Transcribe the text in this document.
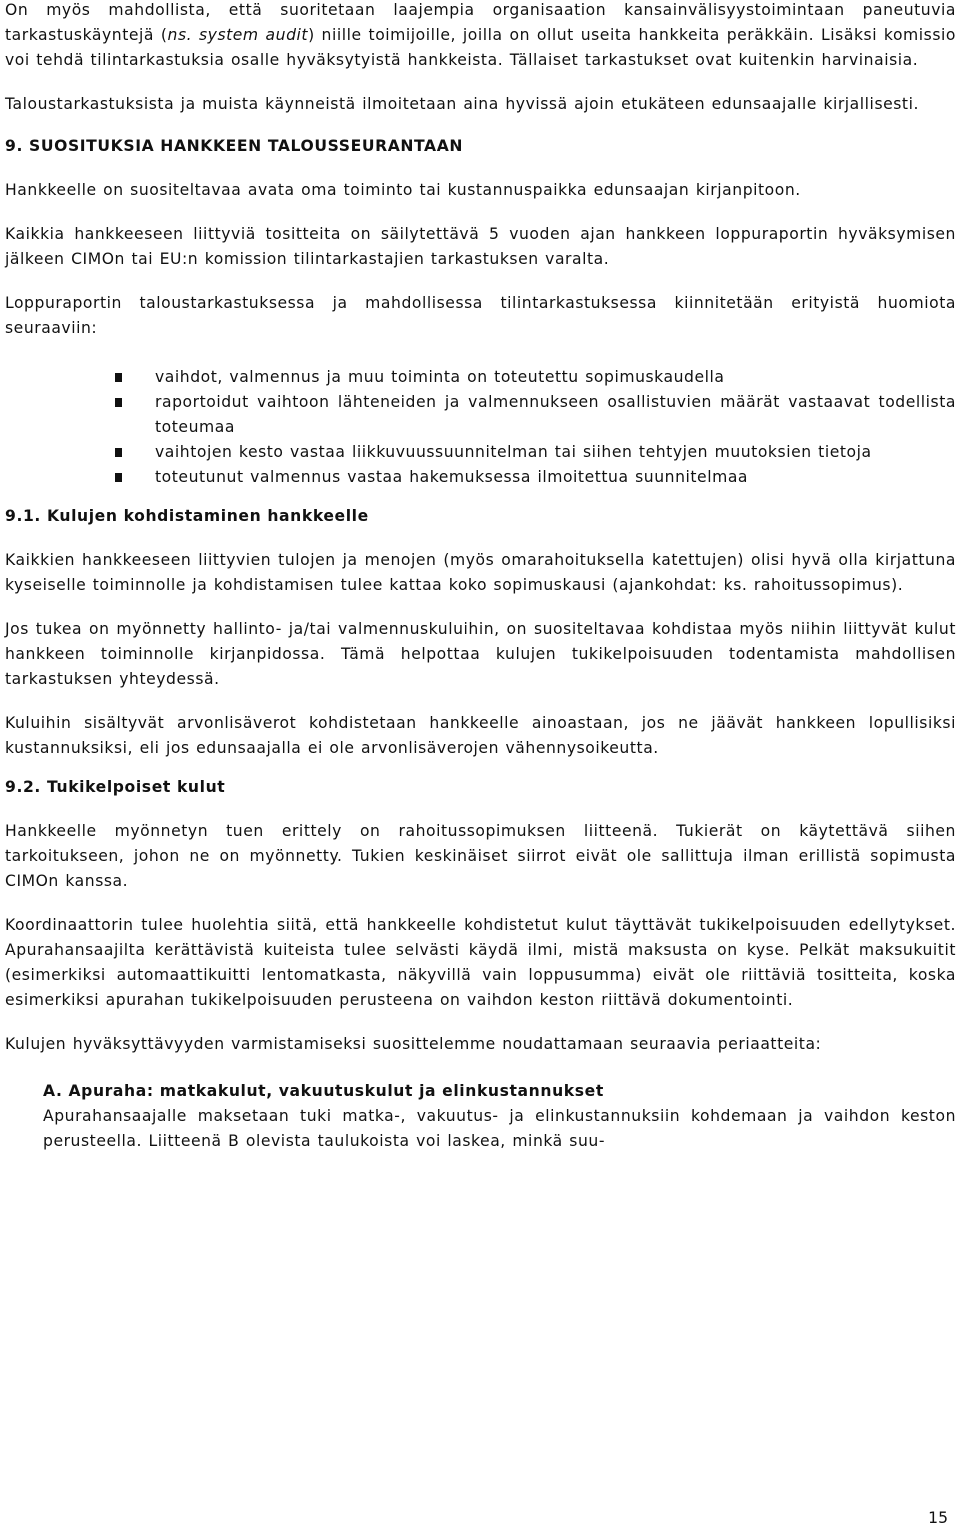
On myös mahdollista, että suoritetaan laajempia organisaation kansainvälisyystoimintaan paneutuvia tarkastuskäyntejä (ns. system audit) niille toimijoille, joilla on ollut useita hankkeita peräkkäin. Lisäksi komissio voi tehdä tilintarkastuksia osalle hyväksytyistä hankkeista. Tällaiset tarkastukset ovat kuitenkin harvinaisia.

Taloustarkastuksista ja muista käynneistä ilmoitetaan aina hyvissä ajoin etukäteen edunsaajalle kirjallisesti.

9. SUOSITUKSIA HANKKEEN TALOUSSEURANTAAN

Hankkeelle on suositeltavaa avata oma toiminto tai kustannuspaikka edunsaajan kirjanpitoon.

Kaikkia hankkeeseen liittyviä tositteita on säilytettävä 5 vuoden ajan hankkeen loppuraportin hyväksymisen jälkeen CIMOn tai EU:n komission tilintarkastajien tarkastuksen varalta.

Loppuraportin taloustarkastuksessa ja mahdollisessa tilintarkastuksessa kiinnitetään erityistä huomiota seuraaviin:

vaihdot, valmennus ja muu toiminta on toteutettu sopimuskaudella
raportoidut vaihtoon lähteneiden ja valmennukseen osallistuvien määrät vastaavat todellista toteumaa
vaihtojen kesto vastaa liikkuvuussuunnitelman tai siihen tehtyjen muutoksien tietoja
toteutunut valmennus vastaa hakemuksessa ilmoitettua suunnitelmaa
9.1. Kulujen kohdistaminen hankkeelle

Kaikkien hankkeeseen liittyvien tulojen ja menojen (myös omarahoituksella katettujen) olisi hyvä olla kirjattuna kyseiselle toiminnolle ja kohdistamisen tulee kattaa koko sopimuskausi (ajankohdat: ks. rahoitussopimus).

Jos tukea on myönnetty hallinto- ja/tai valmennuskuluihin, on suositeltavaa kohdistaa myös niihin liittyvät kulut hankkeen toiminnolle kirjanpidossa. Tämä helpottaa kulujen tukikelpoisuuden todentamista mahdollisen tarkastuksen yhteydessä.

Kuluihin sisältyvät arvonlisäverot kohdistetaan hankkeelle ainoastaan, jos ne jäävät hankkeen lopullisiksi kustannuksiksi, eli jos edunsaajalla ei ole arvonlisäverojen vähennysoikeutta.

9.2. Tukikelpoiset kulut

Hankkeelle myönnetyn tuen erittely on rahoitussopimuksen liitteenä. Tukierät on käytettävä siihen tarkoitukseen, johon ne on myönnetty. Tukien keskinäiset siirrot eivät ole sallittuja ilman erillistä sopimusta CIMOn kanssa.

Koordinaattorin tulee huolehtia siitä, että hankkeelle kohdistetut kulut täyttävät tukikelpoisuuden edellytykset. Apurahansaajilta kerättävistä kuiteista tulee selvästi käydä ilmi, mistä maksusta on kyse. Pelkät maksukuitit (esimerkiksi automaattikuitti lentomatkasta, näkyvillä vain loppusumma) eivät ole riittäviä tositteita, koska esimerkiksi apurahan tukikelpoisuuden perusteena on vaihdon keston riittävä dokumentointi.

Kulujen hyväksyttävyyden varmistamiseksi suosittelemme noudattamaan seuraavia periaatteita:

A. Apuraha: matkakulut, vakuutuskulut ja elinkustannukset

Apurahansaajalle maksetaan tuki matka-, vakuutus- ja elinkustannuksiin kohdemaan ja vaihdon keston perusteella. Liitteenä B olevista taulukoista voi laskea, minkä suu-

15
